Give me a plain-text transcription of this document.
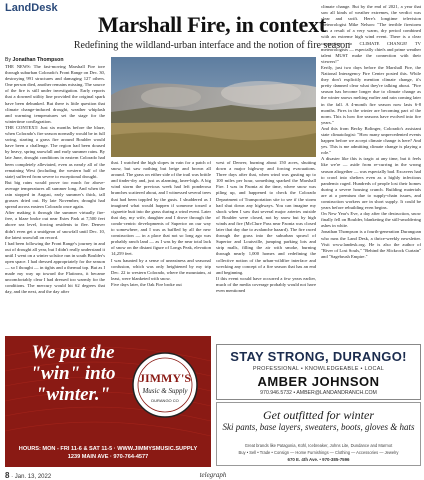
LandDesk
Marshall Fire, in context
Redefining the wildland-urban interface and the notion of fire season
By Jonathan Thompson

THE NEWS: The fast-moving Marshall Fire tore through suburban Colorado's Front Range on Dec. 30, destroying 991 structures and damaging 127 others. One person died, another remains missing. The source of the fire is still under investigation. Early reports that a downed utility line provided the original spark have been debunked. But there is little question that climate change-induced drought, weather whiplash and warming temperatures set the stage for the wintertime conflagration.

THE CONTEXT: Just six months before the blaze, when Colorado's fire season normally would be in full swing, starting a grass fire around Boulder would have been a challenge. The region had been doused by heavy, spring snowfall and early summer rains. By late June, drought conditions in eastern Colorado had been completely alleviated, even as nearly all of the remaining West (including the western half of the state) suffered from severe to exceptional drought.

But big rains would prove too much for above-average temperatures all summer long. And when the rain stopped in August, early summer's thick, tall grasses dried out. By late November, drought had spread across eastern Colorado once again.

After making it through the summer virtually fire-free, a blaze broke out near Estes Park at 7,500 feet above sea level, forcing residents to flee. Denver didn't even get a smidgeon of snowfall until Dec. 10, the latest snowfall on record.

I had been following the Front Range's journey in and out of drought all year, but I didn't really understand it until I went on a winter solstice run in south Boulder's open space. I had dressed appropriately for the season — so I thought — in tights and a thermal top. But as I made my way up toward the Flatirons, it became uncomfortably clear I had dressed too warmly for the conditions. The mercury would hit 62 degrees that day, and the next, and the day after

that. I watched the high slopes in vain for a patch of snow, but saw nothing but beige and brown all around. The grass on either side of the trail was brittle and tinder-dry and, just as alarming, knee-high. A big wind storm the previous week had left ponderosa branches scattered about, and I witnessed several trees that had been toppled by the gusts. I shuddered as I imagined what would happen if someone tossed a cigarette butt into the grass during a wind event. Later that day, my wife, daughter and I drove through the condo-centric developments of Superior on our way to somewhere, and I was as baffled by all the new construction — in a place that not so long ago was probably ranch land — as I was by the near total lack of snow on the distant figure of Longs Peak, elevation 14,259 feet.

I was haunted by a sense of uneasiness and seasonal confusion, which was only heightened by my trip Dec. 22 to western Colorado, where the mountains, at least, were blanketed with snow.

Five days later, the Oak Fire broke out

west of Denver, burning about 150 acres, shutting down a major highway and forcing evacuations. Three days after that, when wind was gusting up to 100 miles per hour, something sparked the Marshall Fire. I was in Paonia at the time, where snow was piling up, and happened to check the Colorado Department of Transportation site to see if the storm had shut down any highways. You can imagine my shock when I saw that several major arteries outside of Boulder were closed, not by snow but by high winds and fire (McClure Pass near Paonia was closed later that day due to avalanche hazard). The fire raced through the grass into the suburban sprawl of Superior and Louisville, jumping parking lots and strip malls, filling the air with smoke, burning through nearly 1,000 homes and redefining the collective notion of the urban-wildfire interface and wrecking any concept of a fire season that has an end and beginning.

If this event would have occurred a few years earlier, much of the media coverage probably would not have even mentioned

climate change. But by the end of 2021, a year that saw all kinds of weather extremes, the verdict was clear and swift. Here's longtime television meteorologist Mike Nelson: "The terrible firestorm was a result of a very warm, dry period combined with an extreme high wind event. There is a clear connection to CLIMATE CHANGE! TV meteorologists — especially chiefs and prime weather talent MUST make the connection with their viewers!"

Eerily, just two days before the Marshall Fire, the National Interagency Fire Center posted this. While they don't explicitly mention climate change, it's pretty damned clear what they're talking about. "Fire season has become longer due to climate change as the winter snows melting earlier and rain coming later in the fall. A 4-month fire season now lasts 6-8 months. Fires in the winter are becoming part of the norm. This is how fire seasons have evolved into fire years."

And this from Becky Bolinger, Colorado's assistant state climatologist: "How many unprecedented events happen before we accept climate change is here? And yes. This is me admitting climate change is playing a role."

A disaster like this is tragic at any time, but it feels like we're — aside from re-curring in the wrong season altogether — was especially bad. Excavers had to crawl into shelters even as a highly infectious pandemic raged. Hundreds of people lost their homes during a severe housing crunch. Building materials are at a premium due to supply-chain issues, and construction workers are in short supply. It could be years before rebuilding even begins.

On New Year's Eve, a day after the destruction, snow finally fell on Boulder, blanketing the still-smoldering ashes in white.

Jonathan Thompson is a fourth-generation Durangoan who runs the Land Desk, a thrice-weekly newsletter. Visit www.landesk.org. He is also the author of "River of Lost Souls," "Behind the Slickrock Curtain" and "Sagebrush Empire."

We put the "win" into "winter."
JIMMY'S
Music & Supply
DURANGO CO
HOURS: MON - FRI 11-6 & SAT 11-5 · WWW.JIMMYSMUSIC.SUPPLY
1239 MAIN AVE · 970-764-4577
STAY STRONG, DURANGO!
PROFESSIONAL • KNOWLEDGEABLE • LOCAL
AMBER JOHNSON
970.946.5732 • AMBER@LANDANDRANCH.COM
Get outfitted for winter
Ski pants, base layers, sweaters, boots, gloves & hats
Great brands like Patagonia, Kühl, Icebreaker, Johns Lite, Dundance and Marmot
Buy • Sell • Trade • Consign — Home Furnishings — Clothing — Accessories — Jewelry
670 E. 4th Ave. • 970-385-7596
8 · Jan. 13, 2022	telegraph
